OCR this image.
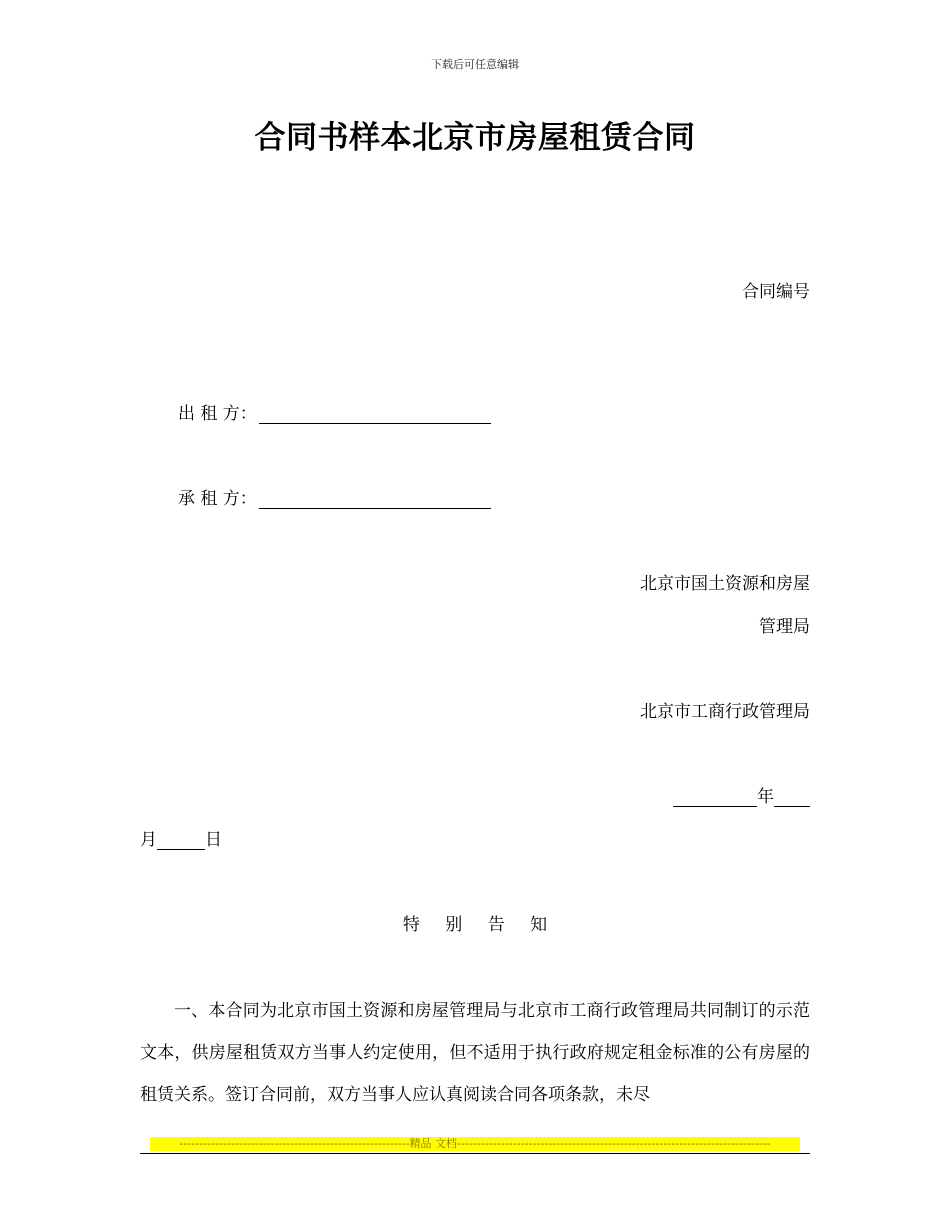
下载后可任意编辑
合同书样本北京市房屋租赁合同
合同编号
出 租 方：
承 租 方：
北京市国土资源和房屋
管理局
北京市工商行政管理局
年
月	日
特 别 告 知
一、本合同为北京市国土资源和房屋管理局与北京市工商行政管理局共同制订的示范文本，供房屋租赁双方当事人约定使用，但不适用于执行政府规定租金标准的公有房屋的租赁关系。签订合同前，双方当事人应认真阅读合同各项条款，未尽
----------------------------------------------------------精品 文档-------------------------------------------------------------------------------
